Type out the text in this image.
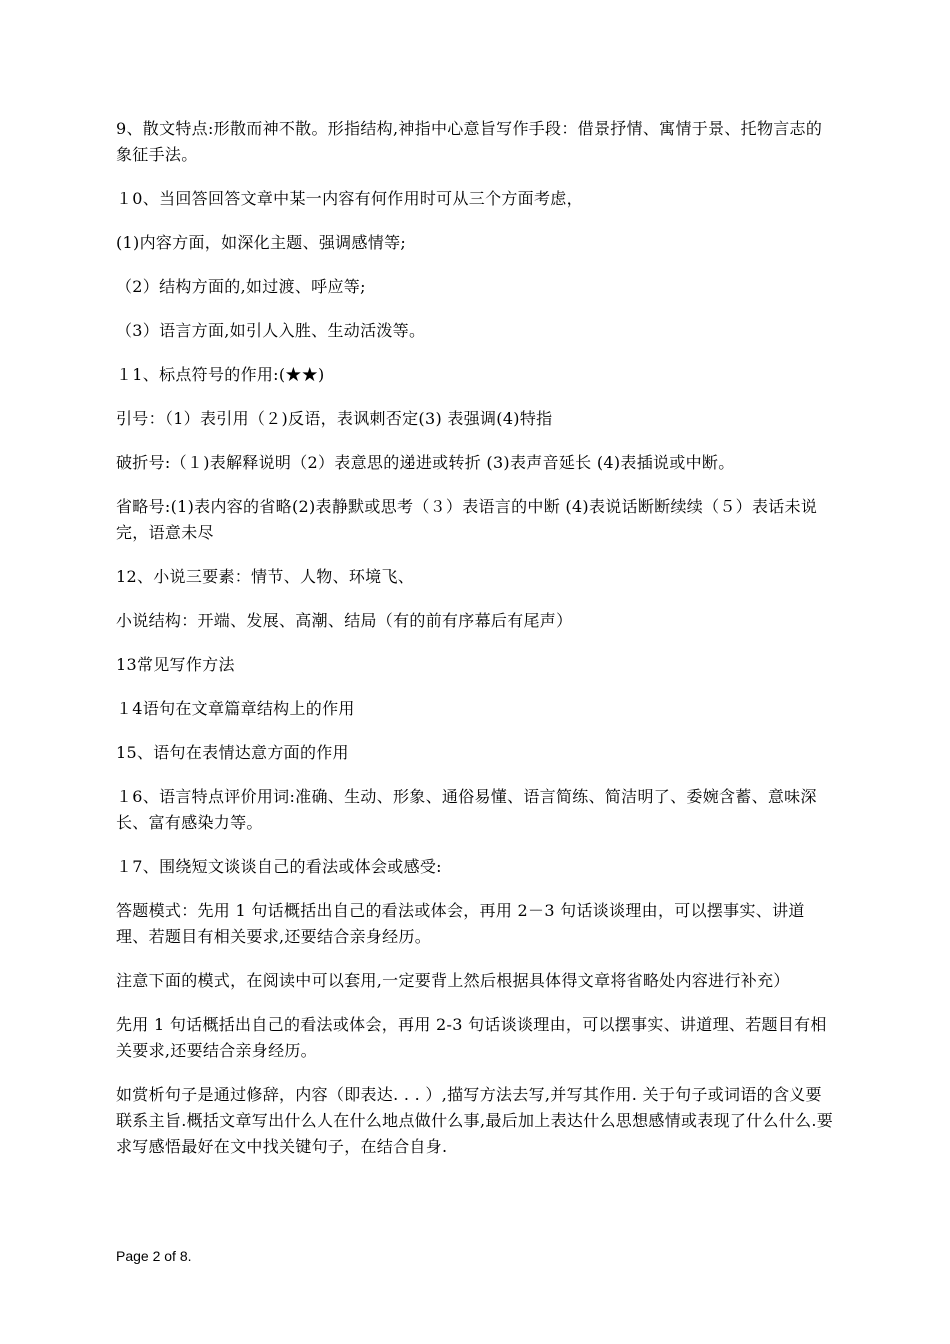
9、散文特点:形散而神不散。形指结构,神指中心意旨写作手段：借景抒情、寓情于景、托物言志的象征手法。

１0、当回答回答文章中某一内容有何作用时可从三个方面考虑，

(1)内容方面，如深化主题、强调感情等;

（2）结构方面的,如过渡、呼应等;

（3）语言方面,如引人入胜、生动活泼等。

１1、标点符号的作用:(★★)

引号：（1）表引用（２)反语，表讽刺否定(3) 表强调(4)特指

破折号:（１)表解释说明（2）表意思的递进或转折 (3)表声音延长 (4)表插说或中断。

省略号:(1)表内容的省略(2)表静默或思考（３）表语言的中断 (4)表说话断断续续（５）表话未说完，语意未尽

12、小说三要素：情节、人物、环境飞、

小说结构：开端、发展、高潮、结局（有的前有序幕后有尾声）

13常见写作方法

１4语句在文章篇章结构上的作用

15、语句在表情达意方面的作用

１6、语言特点评价用词:准确、生动、形象、通俗易懂、语言简练、简洁明了、委婉含蓄、意味深长、富有感染力等。

１7、围绕短文谈谈自己的看法或体会或感受:

答题模式：先用 1 句话概括出自己的看法或体会，再用 2－3 句话谈谈理由，可以摆事实、讲道理、若题目有相关要求,还要结合亲身经历。

注意下面的模式，在阅读中可以套用,一定要背上然后根据具体得文章将省略处内容进行补充）

先用 1 句话概括出自己的看法或体会，再用 2-3 句话谈谈理由，可以摆事实、讲道理、若题目有相关要求,还要结合亲身经历。

如赏析句子是通过修辞，内容（即表达. . . ）,描写方法去写,并写其作用. 关于句子或词语的含义要联系主旨.概括文章写出什么人在什么地点做什么事,最后加上表达什么思想感情或表现了什么什么.要求写感悟最好在文中找关键句子，在结合自身.

Page 2 of 8.
